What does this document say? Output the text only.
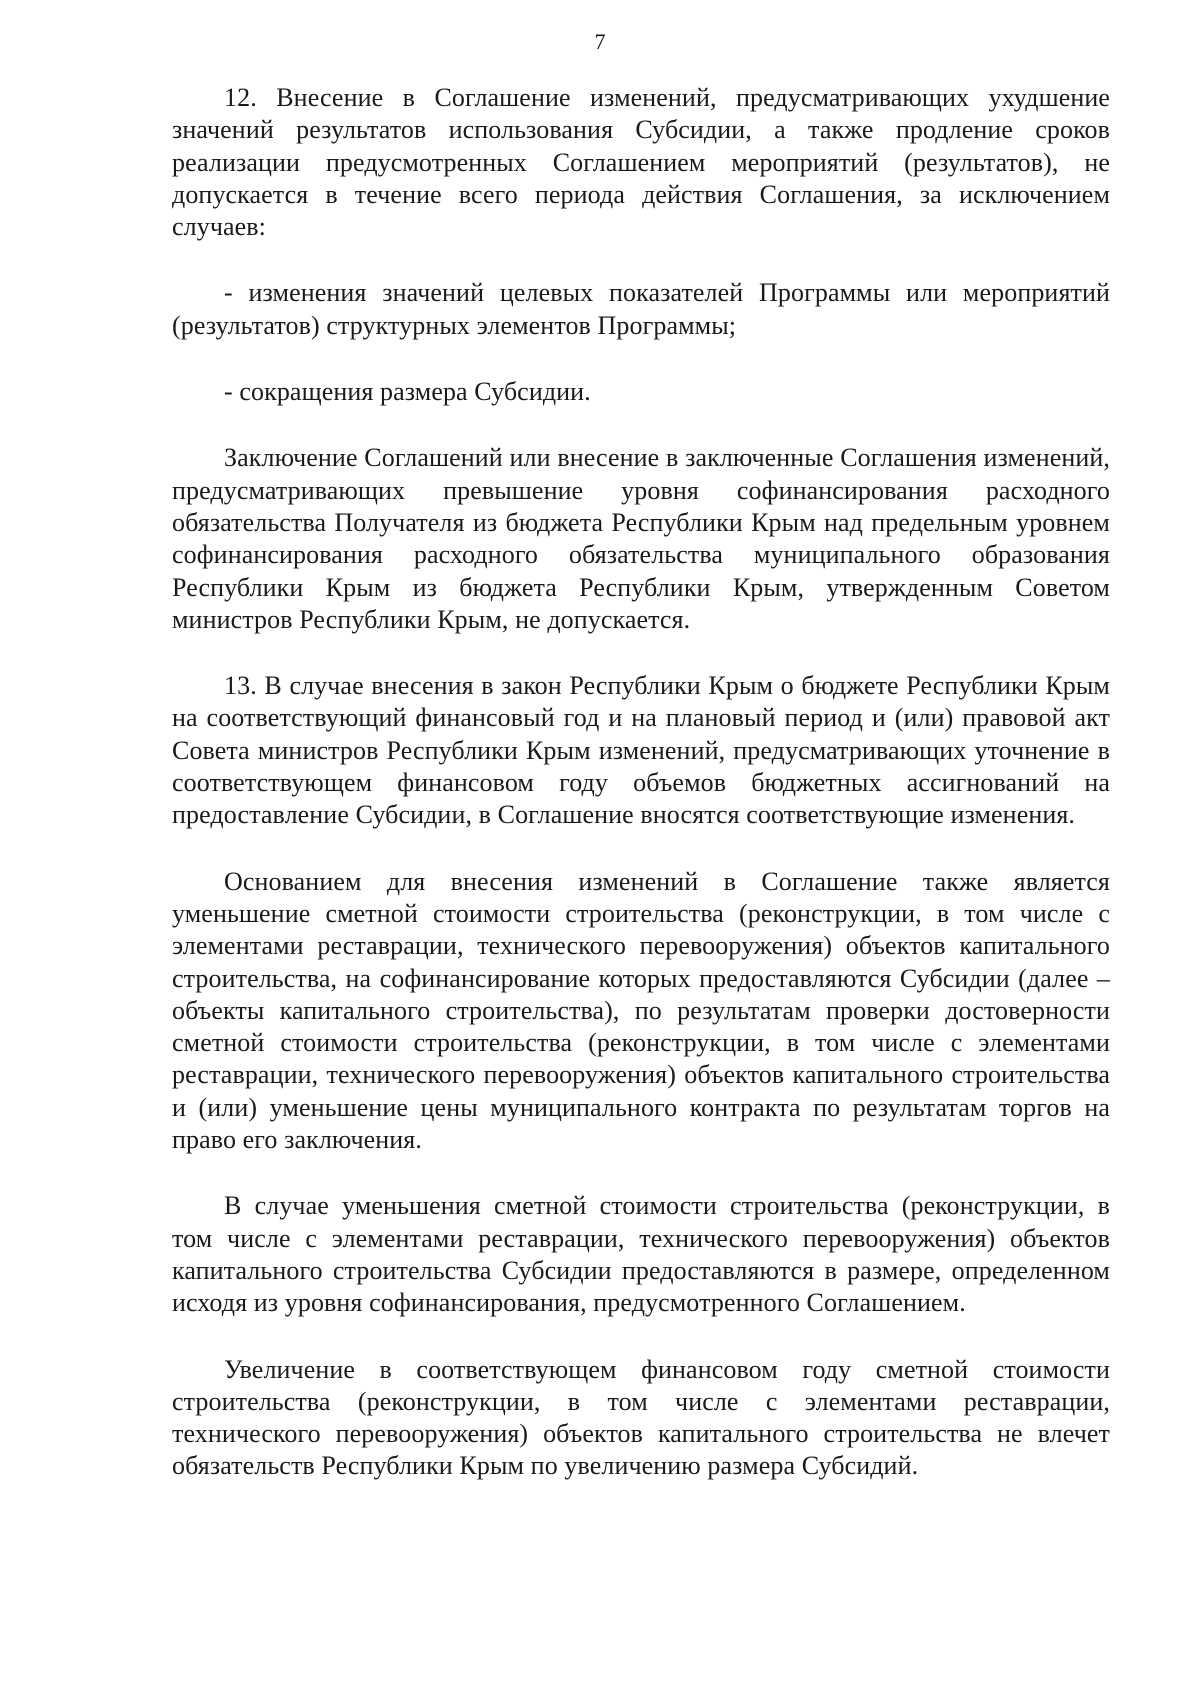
7

12. Внесение в Соглашение изменений, предусматривающих ухудшение значений результатов использования Субсидии, а также продление сроков реализации предусмотренных Соглашением мероприятий (результатов), не допускается в течение всего периода действия Соглашения, за исключением случаев:

- изменения значений целевых показателей Программы или мероприятий (результатов) структурных элементов Программы;

- сокращения размера Субсидии.

Заключение Соглашений или внесение в заключенные Соглашения изменений, предусматривающих превышение уровня софинансирования расходного обязательства Получателя из бюджета Республики Крым над предельным уровнем софинансирования расходного обязательства муниципального образования Республики Крым из бюджета Республики Крым, утвержденным Советом министров Республики Крым, не допускается.

13. В случае внесения в закон Республики Крым о бюджете Республики Крым на соответствующий финансовый год и на плановый период и (или) правовой акт Совета министров Республики Крым изменений, предусматривающих уточнение в соответствующем финансовом году объемов бюджетных ассигнований на предоставление Субсидии, в Соглашение вносятся соответствующие изменения.

Основанием для внесения изменений в Соглашение также является уменьшение сметной стоимости строительства (реконструкции, в том числе с элементами реставрации, технического перевооружения) объектов капитального строительства, на софинансирование которых предоставляются Субсидии (далее – объекты капитального строительства), по результатам проверки достоверности сметной стоимости строительства (реконструкции, в том числе с элементами реставрации, технического перевооружения) объектов капитального строительства и (или) уменьшение цены муниципального контракта по результатам торгов на право его заключения.

В случае уменьшения сметной стоимости строительства (реконструкции, в том числе с элементами реставрации, технического перевооружения) объектов капитального строительства Субсидии предоставляются в размере, определенном исходя из уровня софинансирования, предусмотренного Соглашением.

Увеличение в соответствующем финансовом году сметной стоимости строительства (реконструкции, в том числе с элементами реставрации, технического перевооружения) объектов капитального строительства не влечет обязательств Республики Крым по увеличению размера Субсидий.
